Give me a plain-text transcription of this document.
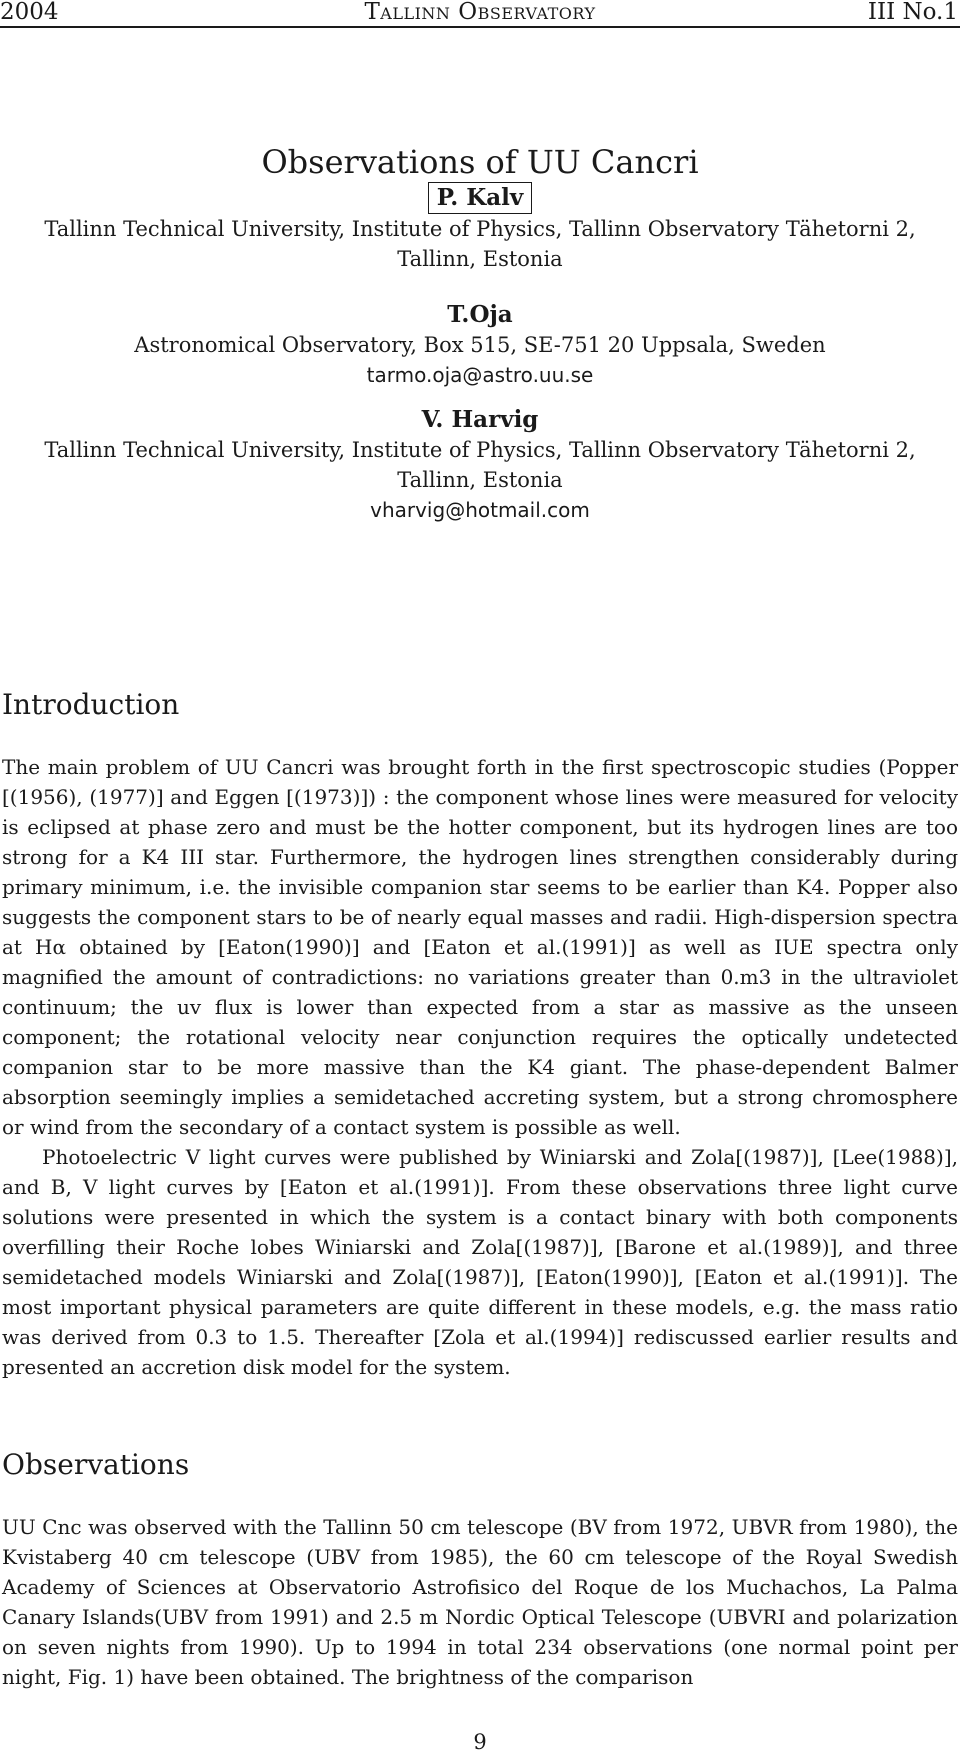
2004	Tallinn Observatory	III No.1
Observations of UU Cancri
P. Kalv
Tallinn Technical University, Institute of Physics, Tallinn Observatory Tähetorni 2,
Tallinn, Estonia
T.Oja
Astronomical Observatory, Box 515, SE-751 20 Uppsala, Sweden
tarmo.oja@astro.uu.se
V. Harvig
Tallinn Technical University, Institute of Physics, Tallinn Observatory Tähetorni 2,
Tallinn, Estonia
vharvig@hotmail.com
Introduction

The main problem of UU Cancri was brought forth in the first spectroscopic studies (Popper [(1956), (1977)] and Eggen [(1973)]) : the component whose lines were measured for velocity is eclipsed at phase zero and must be the hotter component, but its hydrogen lines are too strong for a K4 III star. Furthermore, the hydrogen lines strengthen considerably during primary minimum, i.e. the invisible companion star seems to be earlier than K4. Popper also suggests the component stars to be of nearly equal masses and radii. High-dispersion spectra at Hα obtained by [Eaton(1990)] and [Eaton et al.(1991)] as well as IUE spectra only magnified the amount of contradictions: no variations greater than 0.m3 in the ultraviolet continuum; the uv flux is lower than expected from a star as massive as the unseen component; the rotational velocity near conjunction requires the optically undetected companion star to be more massive than the K4 giant. The phase-dependent Balmer absorption seemingly implies a semidetached accreting system, but a strong chromosphere or wind from the secondary of a contact system is possible as well.

Photoelectric V light curves were published by Winiarski and Zola[(1987)], [Lee(1988)], and B, V light curves by [Eaton et al.(1991)]. From these observations three light curve solutions were presented in which the system is a contact binary with both components overfilling their Roche lobes Winiarski and Zola[(1987)], [Barone et al.(1989)], and three semidetached models Winiarski and Zola[(1987)], [Eaton(1990)], [Eaton et al.(1991)]. The most important physical parameters are quite different in these models, e.g. the mass ratio was derived from 0.3 to 1.5. Thereafter [Zola et al.(1994)] rediscussed earlier results and presented an accretion disk model for the system.

Observations

UU Cnc was observed with the Tallinn 50 cm telescope (BV from 1972, UBVR from 1980), the Kvistaberg 40 cm telescope (UBV from 1985), the 60 cm telescope of the Royal Swedish Academy of Sciences at Observatorio Astrofisico del Roque de los Muchachos, La Palma Canary Islands(UBV from 1991) and 2.5 m Nordic Optical Telescope (UBVRI and polarization on seven nights from 1990). Up to 1994 in total 234 observations (one normal point per night, Fig. 1) have been obtained. The brightness of the comparison

9
